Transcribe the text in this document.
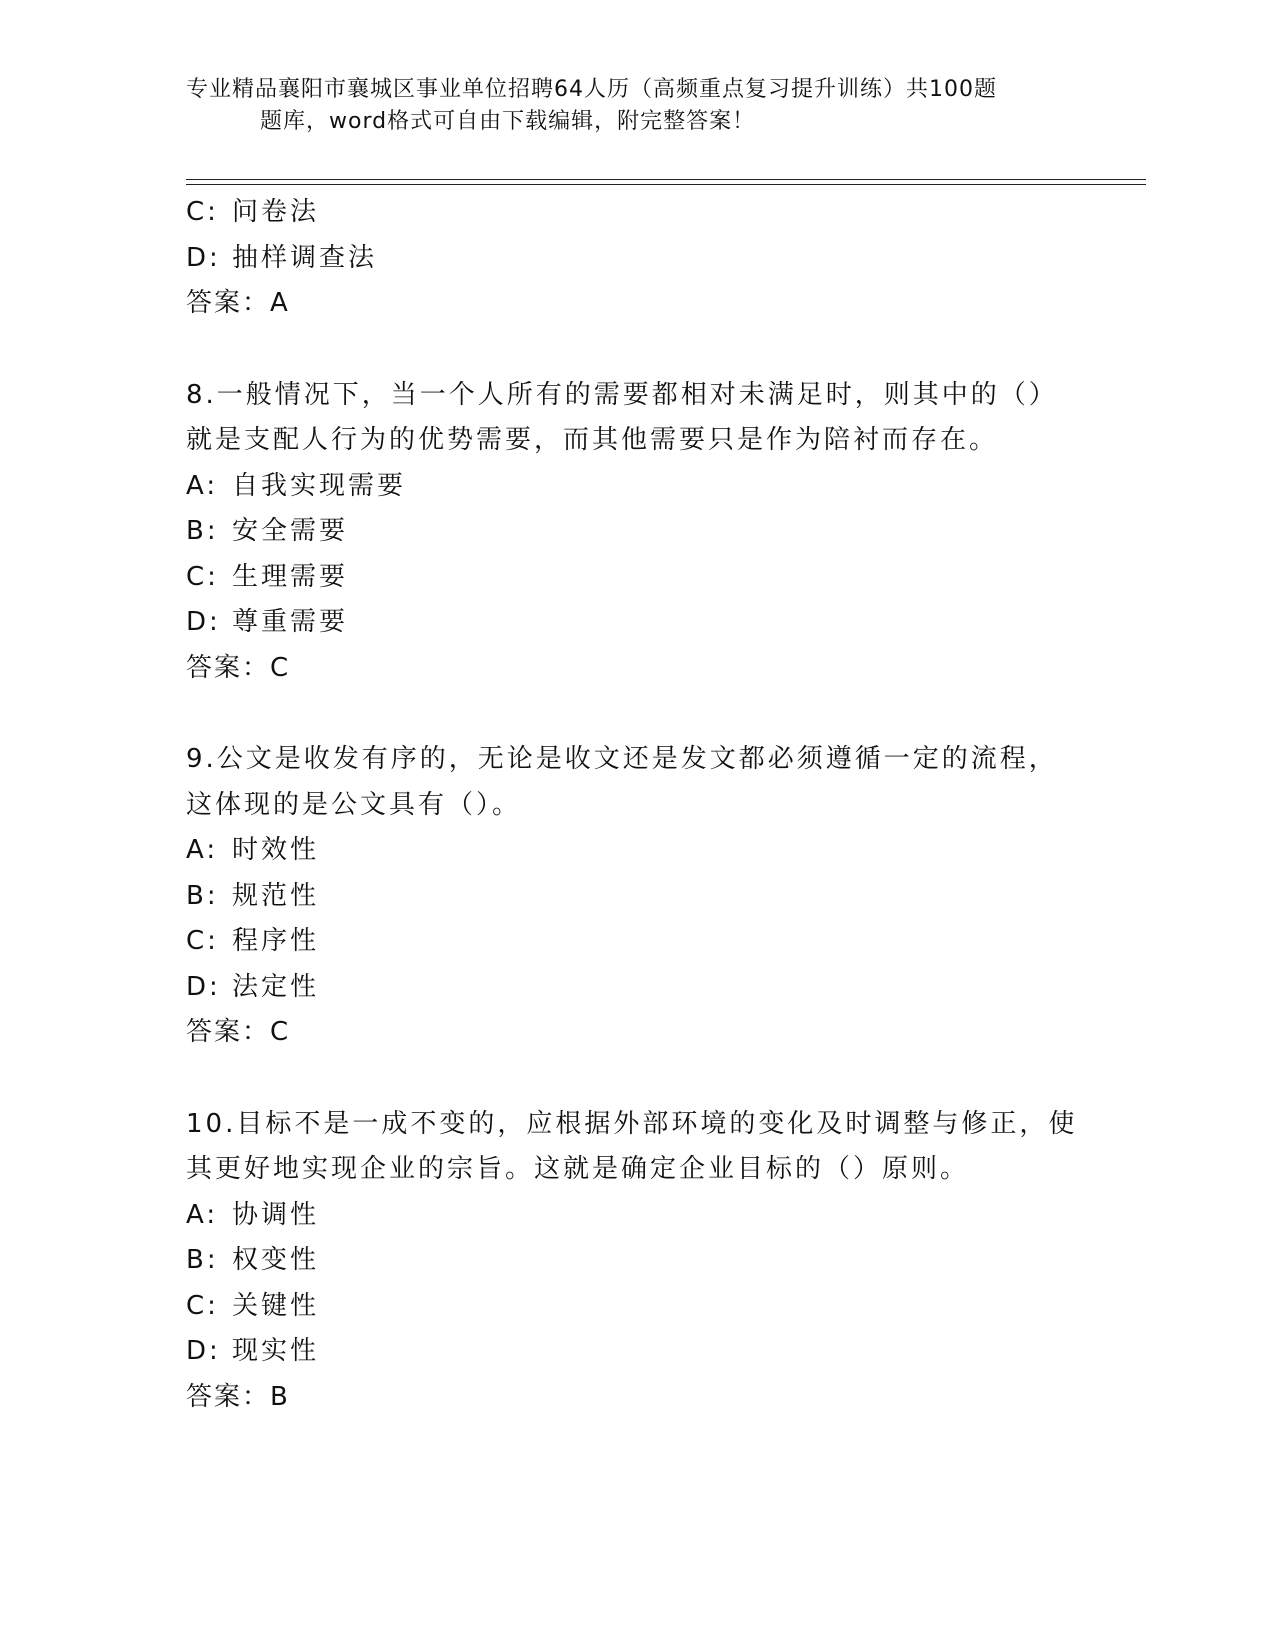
专业精品襄阳市襄城区事业单位招聘64人历（高频重点复习提升训练）共100题
题库，word格式可自由下载编辑，附完整答案！
C: 问卷法
D: 抽样调查法
答案：A
8.一般情况下，当一个人所有的需要都相对未满足时，则其中的（）
就是支配人行为的优势需要，而其他需要只是作为陪衬而存在。
A: 自我实现需要
B: 安全需要
C: 生理需要
D: 尊重需要
答案：C
9.公文是收发有序的，无论是收文还是发文都必须遵循一定的流程，
这体现的是公文具有（）。
A: 时效性
B: 规范性
C: 程序性
D: 法定性
答案：C
10.目标不是一成不变的，应根据外部环境的变化及时调整与修正，使
其更好地实现企业的宗旨。这就是确定企业目标的（）原则。
A: 协调性
B: 权变性
C: 关键性
D: 现实性
答案：B
